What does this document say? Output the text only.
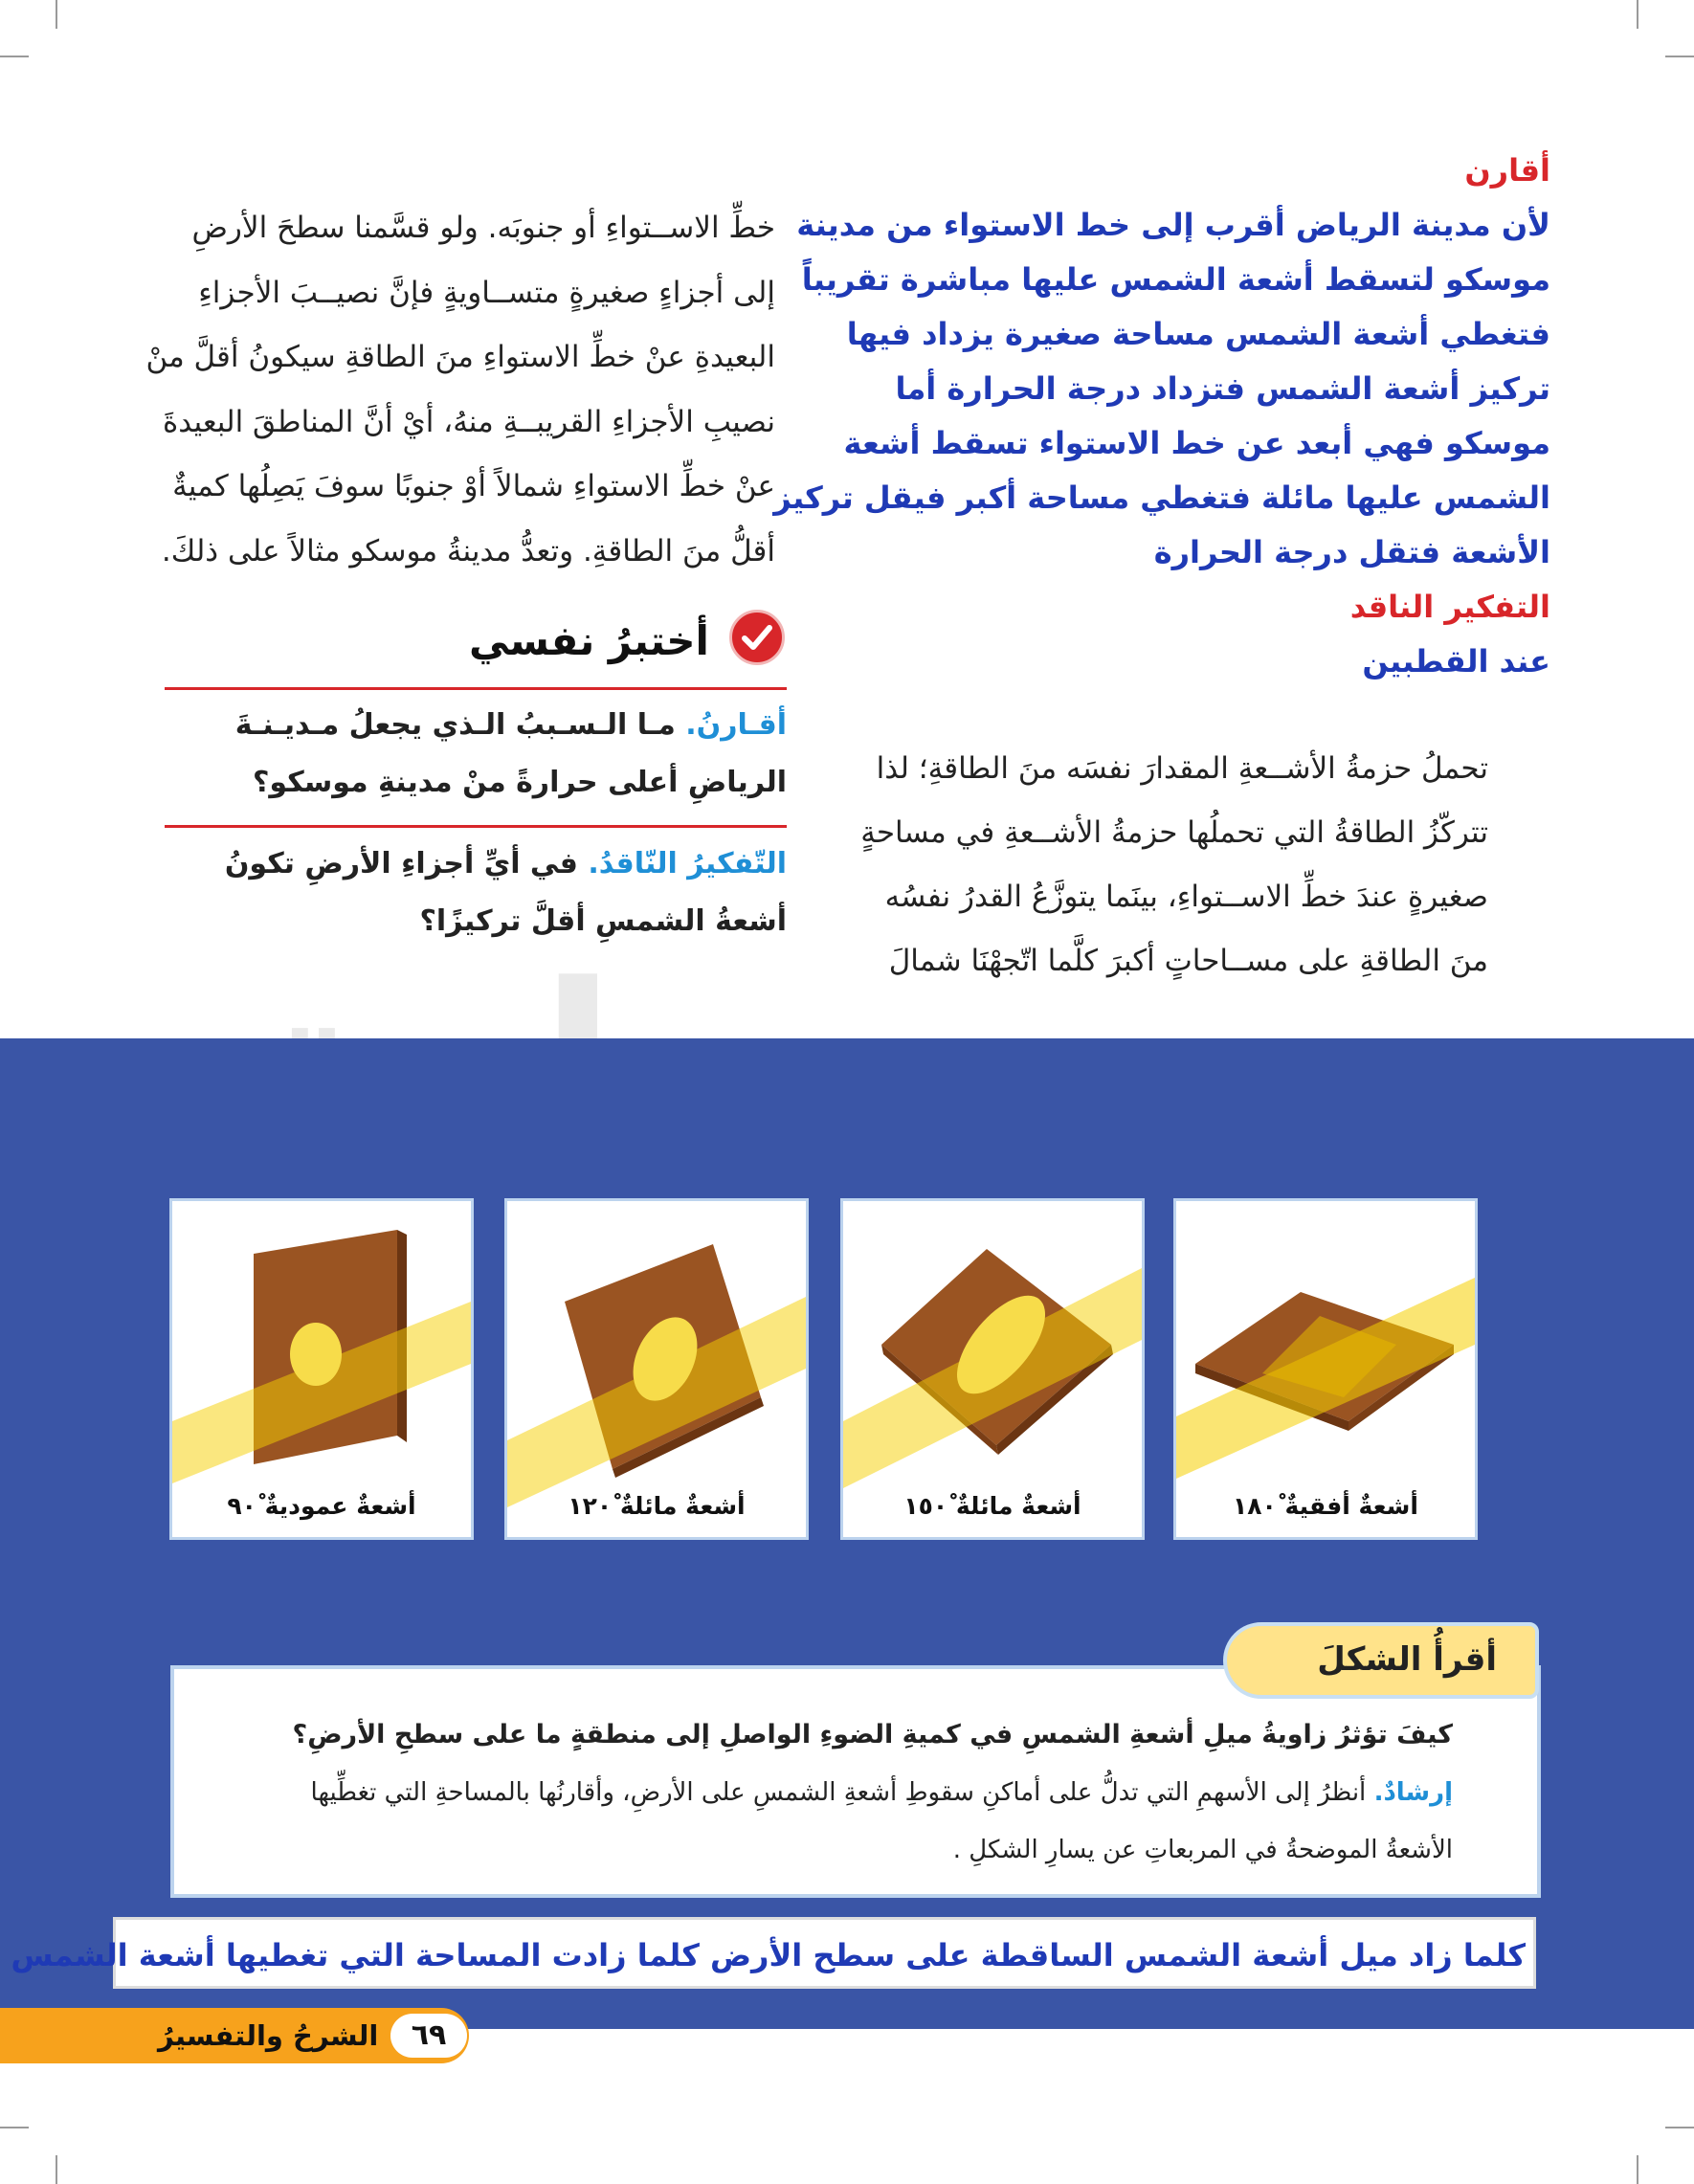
أقارن
لأن مدينة الرياض أقرب إلى خط الاستواء من مدينة
موسكو لتسقط أشعة الشمس عليها مباشرة تقريباً
فتغطي أشعة الشمس مساحة صغيرة يزداد فيها
تركيز أشعة الشمس فتزداد درجة الحرارة أما
موسكو فهي أبعد عن خط الاستواء تسقط أشعة
الشمس عليها مائلة فتغطي مساحة أكبر فيقل تركيز
الأشعة فتقل درجة الحرارة
التفكير الناقد
عند القطبين
خطِّ الاســتواءِ أو جنوبَه. ولو قسَّمنا سطحَ الأرضِ
إلى أجزاءٍ صغيرةٍ متســاويةٍ فإنَّ نصيــبَ الأجزاءِ
البعيدةِ عنْ خطِّ الاستواءِ منَ الطاقةِ سيكونُ أقلَّ منْ
نصيبِ الأجزاءِ القريبــةِ منهُ، أيْ أنَّ المناطقَ البعيدةَ
عنْ خطِّ الاستواءِ شمالاً أوْ جنوبًا سوفَ يَصِلُها كميةٌ
أقلُّ منَ الطاقةِ. وتعدُّ مدينةُ موسكو مثالاً على ذلكَ.
أختبرُ نفسي
أقـارنُ. مـا الـسـببُ الـذي يجعلُ مـديـنـةَ
الرياضِ أعلى حرارةً منْ مدينةِ موسكو؟
التّفكيرُ النّاقدُ. في أيِّ أجزاءِ الأرضِ تكونُ
أشعةُ الشمسِ أقلَّ تركيزًا؟
تحملُ حزمةُ الأشــعةِ المقدارَ نفسَه منَ الطاقةِ؛ لذا
تتركّزُ الطاقةُ التي تحملُها حزمةُ الأشــعةِ في مساحةٍ
صغيرةٍ عندَ خطِّ الاســتواءِ، بينَما يتوزَّعُ القدرُ نفسُه
منَ الطاقةِ على مســاحاتٍ أكبرَ كلَّما اتّجهْنَا شمالَ
أشعةٌ أفقيةٌ ١٨٠ْ
أشعةٌ مائلةٌ ١٥٠ْ
أشعةٌ مائلةٌ ١٢٠ْ
أشعةٌ عموديةٌ ٩٠ْ
أقرأُ الشكلَ
كيفَ تؤثرُ زاويةُ ميلِ أشعةِ الشمسِ في كميةِ الضوءِ الواصلِ إلى منطقةٍ ما على سطحِ الأرضِ؟
إرشادٌ. أنظرُ إلى الأسهمِ التي تدلُّ على أماكنِ سقوطِ أشعةِ الشمسِ على الأرضِ، وأقارنُها بالمساحةِ التي تغطِّيها
الأشعةُ الموضحةُ في المربعاتِ عن يسارِ الشكلِ .
كلما زاد ميل أشعة الشمس الساقطة على سطح الأرض كلما زادت المساحة التي تغطيها أشعة الشمس
الشرحُ والتفسيرُ	٦٩
